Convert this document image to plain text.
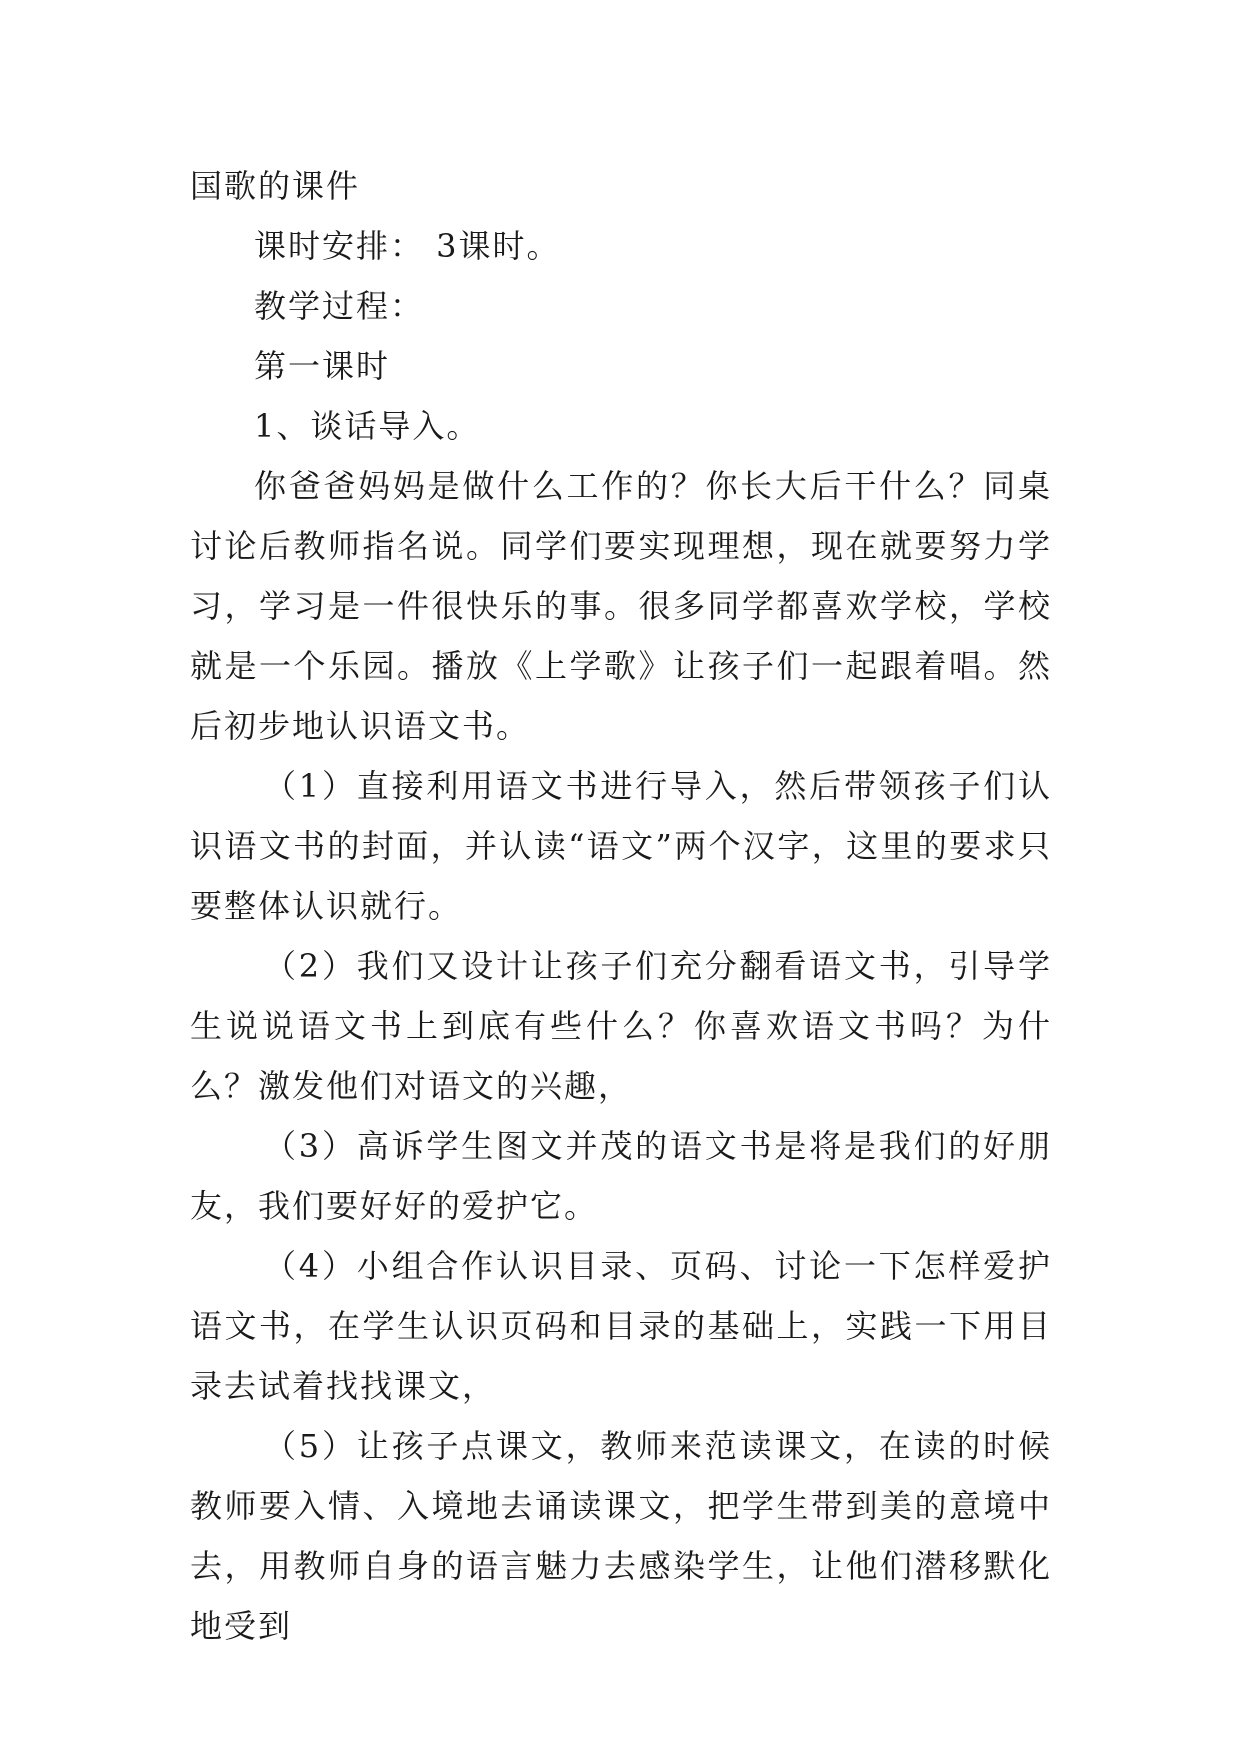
国歌的课件

课时安排： 3课时。

教学过程：

第一课时

1、谈话导入。

你爸爸妈妈是做什么工作的？你长大后干什么？同桌讨论后教师指名说。同学们要实现理想，现在就要努力学习，学习是一件很快乐的事。很多同学都喜欢学校，学校就是一个乐园。播放《上学歌》让孩子们一起跟着唱。然后初步地认识语文书。

（1）直接利用语文书进行导入，然后带领孩子们认识语文书的封面，并认读“语文”两个汉字，这里的要求只要整体认识就行。

（2）我们又设计让孩子们充分翻看语文书，引导学生说说语文书上到底有些什么？你喜欢语文书吗？为什么？激发他们对语文的兴趣，

（3）高诉学生图文并茂的语文书是将是我们的好朋友，我们要好好的爱护它。

（4）小组合作认识目录、页码、讨论一下怎样爱护语文书，在学生认识页码和目录的基础上，实践一下用目录去试着找找课文，

（5）让孩子点课文，教师来范读课文，在读的时候教师要入情、入境地去诵读课文，把学生带到美的意境中去，用教师自身的语言魅力去感染学生，让他们潜移默化地受到
